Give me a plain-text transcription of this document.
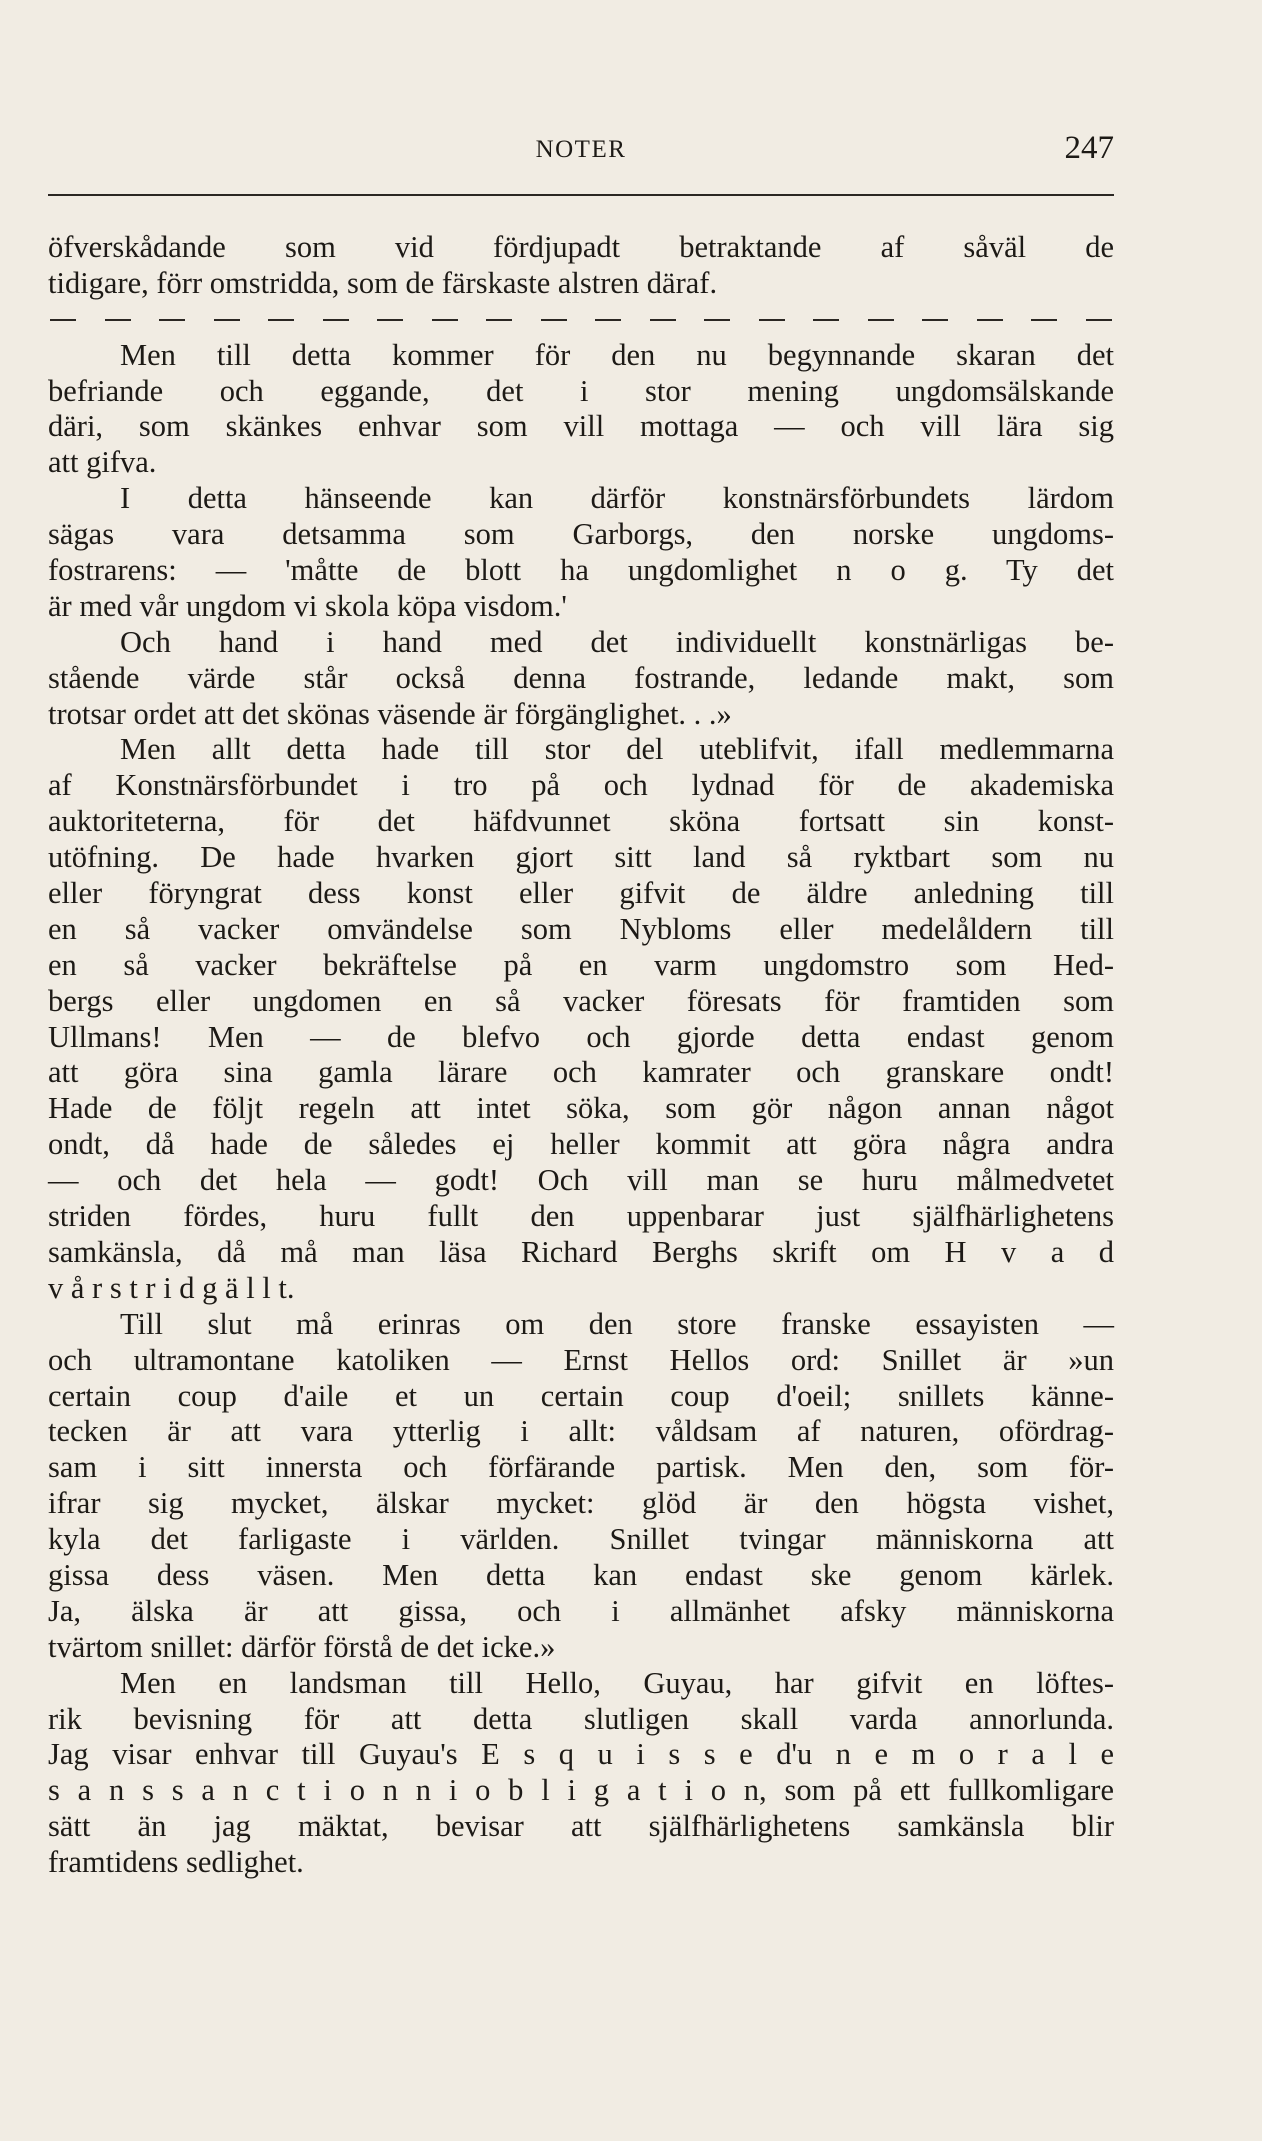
NOTER	247
öfverskådande som vid fördjupadt betraktande af såväl de
tidigare, förr omstridda, som de färskaste alstren däraf.
Men till detta kommer för den nu begynnande skaran det
befriande och eggande, det i stor mening ungdomsälskande
däri, som skänkes enhvar som vill mottaga — och vill lära sig
att gifva.
I detta hänseende kan därför konstnärsförbundets lärdom
sägas vara detsamma som Garborgs, den norske ungdoms-
fostrarens: — 'måtte de blott ha ungdomlighet n o g. Ty det
är med vår ungdom vi skola köpa visdom.'
Och hand i hand med det individuellt konstnärligas be-
stående värde står också denna fostrande, ledande makt, som
trotsar ordet att det skönas väsende är förgänglighet. . .»
Men allt detta hade till stor del uteblifvit, ifall medlemmarna
af Konstnärsförbundet i tro på och lydnad för de akademiska
auktoriteterna, för det häfdvunnet sköna fortsatt sin konst-
utöfning. De hade hvarken gjort sitt land så ryktbart som nu
eller föryngrat dess konst eller gifvit de äldre anledning till
en så vacker omvändelse som Nybloms eller medelåldern till
en så vacker bekräftelse på en varm ungdomstro som Hed-
bergs eller ungdomen en så vacker föresats för framtiden som
Ullmans! Men — de blefvo och gjorde detta endast genom
att göra sina gamla lärare och kamrater och granskare ondt!
Hade de följt regeln att intet söka, som gör någon annan något
ondt, då hade de således ej heller kommit att göra några andra
— och det hela — godt! Och vill man se huru målmedvetet
striden fördes, huru fullt den uppenbarar just själfhärlighetens
samkänsla, då må man läsa Richard Berghs skrift om H v a d
v å r s t r i d g ä l l t.
Till slut må erinras om den store franske essayisten —
och ultramontane katoliken — Ernst Hellos ord: Snillet är »un
certain coup d'aile et un certain coup d'oeil; snillets känne-
tecken är att vara ytterlig i allt: våldsam af naturen, ofördrag-
sam i sitt innersta och förfärande partisk. Men den, som för-
ifrar sig mycket, älskar mycket: glöd är den högsta vishet,
kyla det farligaste i världen. Snillet tvingar människorna att
gissa dess väsen. Men detta kan endast ske genom kärlek.
Ja, älska är att gissa, och i allmänhet afsky människorna
tvärtom snillet: därför förstå de det icke.»
Men en landsman till Hello, Guyau, har gifvit en löftes-
rik bevisning för att detta slutligen skall varda annorlunda.
Jag visar enhvar till Guyau's E s q u i s s e d'u n e m o r a l e
s a n s s a n c t i o n n i o b l i g a t i o n, som på ett fullkomligare
sätt än jag mäktat, bevisar att själfhärlighetens samkänsla blir
framtidens sedlighet.
